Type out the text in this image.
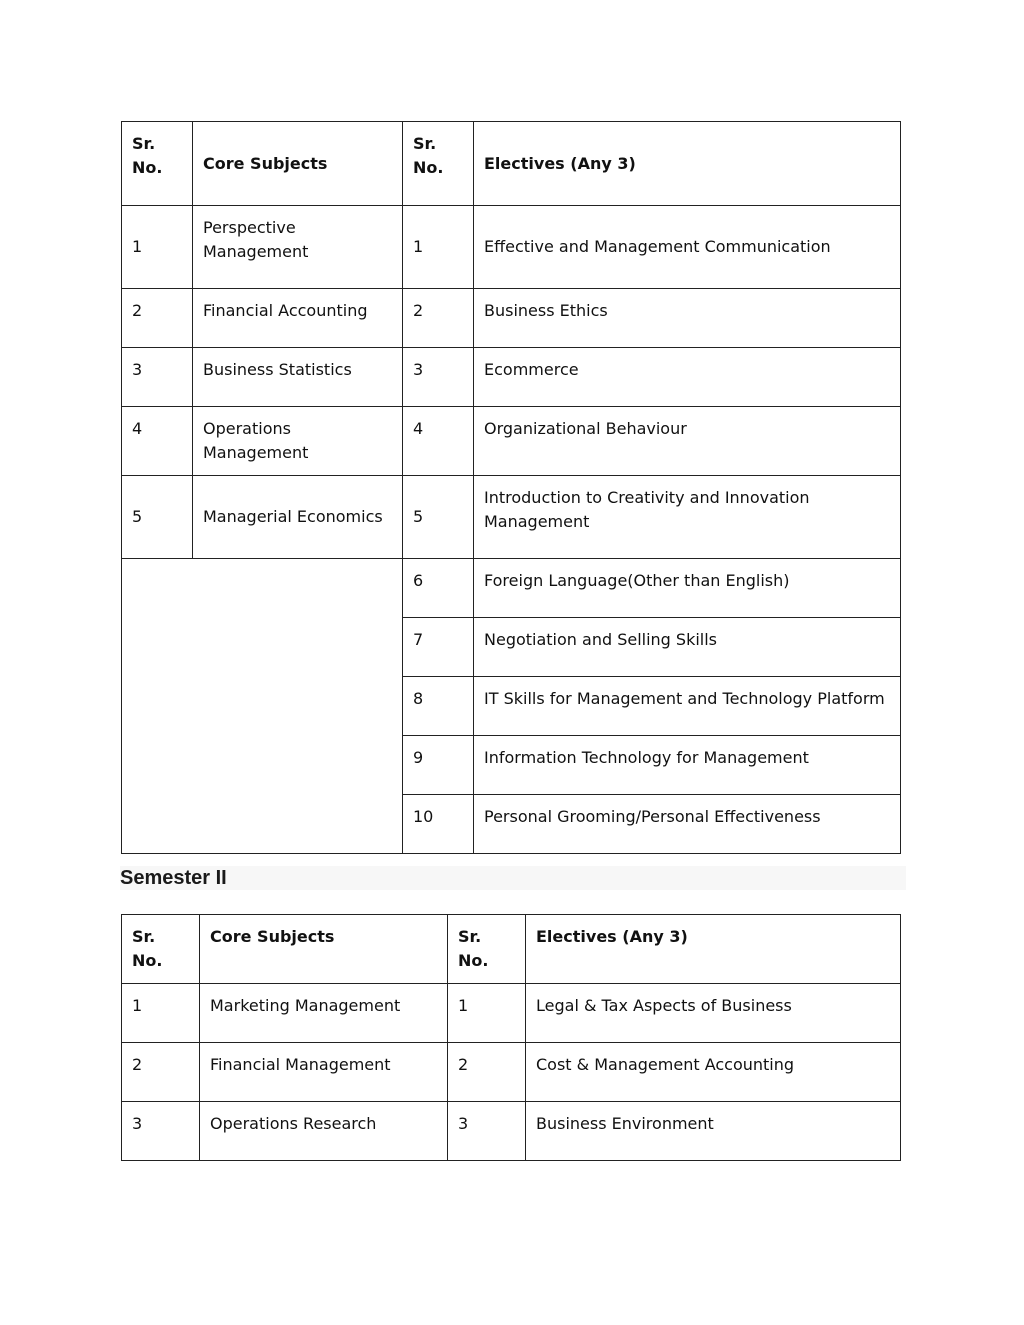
Sr. No.	Core Subjects	Sr. No.	Electives (Any 3)
1	Perspective Management	1	Effective and Management Communication
2	Financial Accounting	2	Business Ethics
3	Business Statistics	3	Ecommerce
4	Operations Management	4	Organizational Behaviour
5	Managerial Economics	5	Introduction to Creativity and Innovation Management
		6	Foreign Language(Other than English)
		7	Negotiation and Selling Skills
		8	IT Skills for Management and Technology Platform
		9	Information Technology for Management
		10	Personal Grooming/Personal Effectiveness
Semester II
Sr. No.	Core Subjects	Sr. No.	Electives (Any 3)
1	Marketing Management	1	Legal & Tax Aspects of Business
2	Financial Management	2	Cost & Management Accounting
3	Operations Research	3	Business Environment
